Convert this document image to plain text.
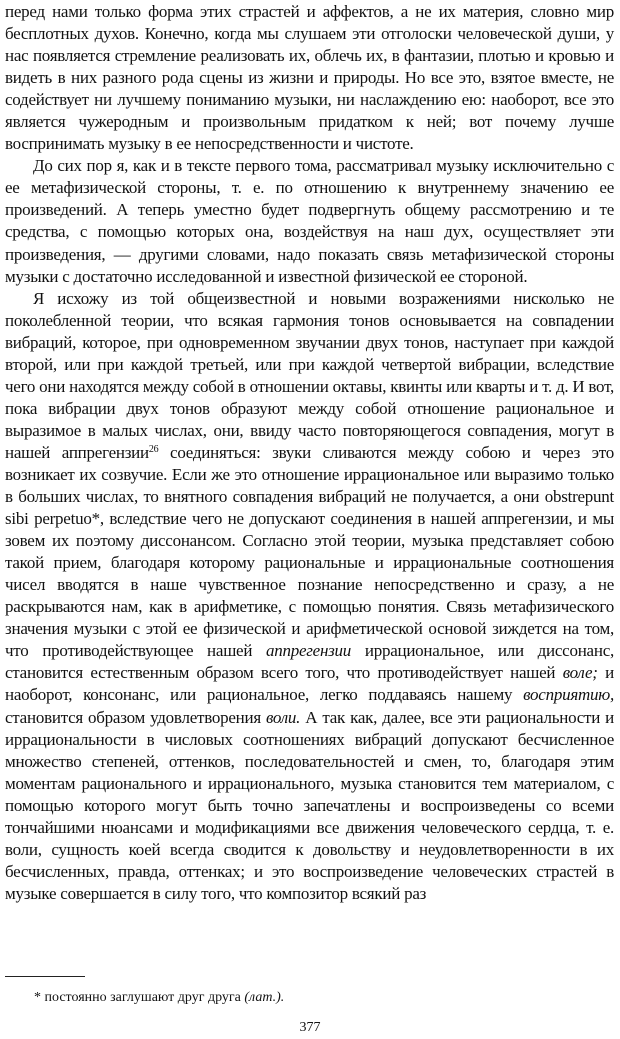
перед нами только форма этих страстей и аффектов, а не их материя, словно мир бесплотных духов. Конечно, когда мы слушаем эти отголоски человеческой души, у нас появляется стремление реализовать их, облечь их, в фантазии, плотью и кровью и видеть в них разного рода сцены из жизни и природы. Но все это, взятое вместе, не содействует ни лучшему пониманию музыки, ни наслаждению ею: наоборот, все это является чужеродным и произвольным придатком к ней; вот почему лучше воспринимать музыку в ее непосредственности и чистоте.

До сих пор я, как и в тексте первого тома, рассматривал музыку исключительно с ее метафизической стороны, т. е. по отношению к внутреннему значению ее произведений. А теперь уместно будет подвергнуть общему рассмотрению и те средства, с помощью которых она, воздействуя на наш дух, осуществляет эти произведения, — другими словами, надо показать связь метафизической стороны музыки с достаточно исследованной и известной физической ее стороной.

Я исхожу из той общеизвестной и новыми возражениями нисколько не поколебленной теории, что всякая гармония тонов основывается на совпадении вибраций, которое, при одновременном звучании двух тонов, наступает при каждой второй, или при каждой третьей, или при каждой четвертой вибрации, вследствие чего они находятся между собой в отношении октавы, квинты или кварты и т. д. И вот, пока вибрации двух тонов образуют между собой отношение рациональное и выразимое в малых числах, они, ввиду часто повторяющегося совпадения, могут в нашей аппрегензии$^{26}$ соединяться: звуки сливаются между собою и через это возникает их созвучие. Если же это отношение иррациональное или выразимо только в больших числах, то внятного совпадения вибраций не получается, а они obstrepunt sibi perpetuo*, вследствие чего не допускают соединения в нашей аппрегензии, и мы зовем их поэтому диссонансом. Согласно этой теории, музыка представляет собою такой прием, благодаря которому рациональные и иррациональные соотношения чисел вводятся в наше чувственное познание непосредственно и сразу, а не раскрываются нам, как в арифметике, с помощью понятия. Связь метафизического значения музыки с этой ее физической и арифметической основой зиждется на том, что противодействующее нашей аппрегензии иррациональное, или диссонанс, становится естественным образом всего того, что противодействует нашей воле; и наоборот, консонанс, или рациональное, легко поддаваясь нашему восприятию, становится образом удовлетворения воли. А так как, далее, все эти рациональности и иррациональности в числовых соотношениях вибраций допускают бесчисленное множество степеней, оттенков, последовательностей и смен, то, благодаря этим моментам рационального и иррационального, музыка становится тем материалом, с помощью которого могут быть точно запечатлены и воспроизведены со всеми тончайшими нюансами и модификациями все движения человеческого сердца, т. е. воли, сущность коей всегда сводится к довольству и неудовлетворенности в их бесчисленных, правда, оттенках; и это воспроизведение человеческих страстей в музыке совершается в силу того, что композитор всякий раз

* постоянно заглушают друг друга (лат.).
377
